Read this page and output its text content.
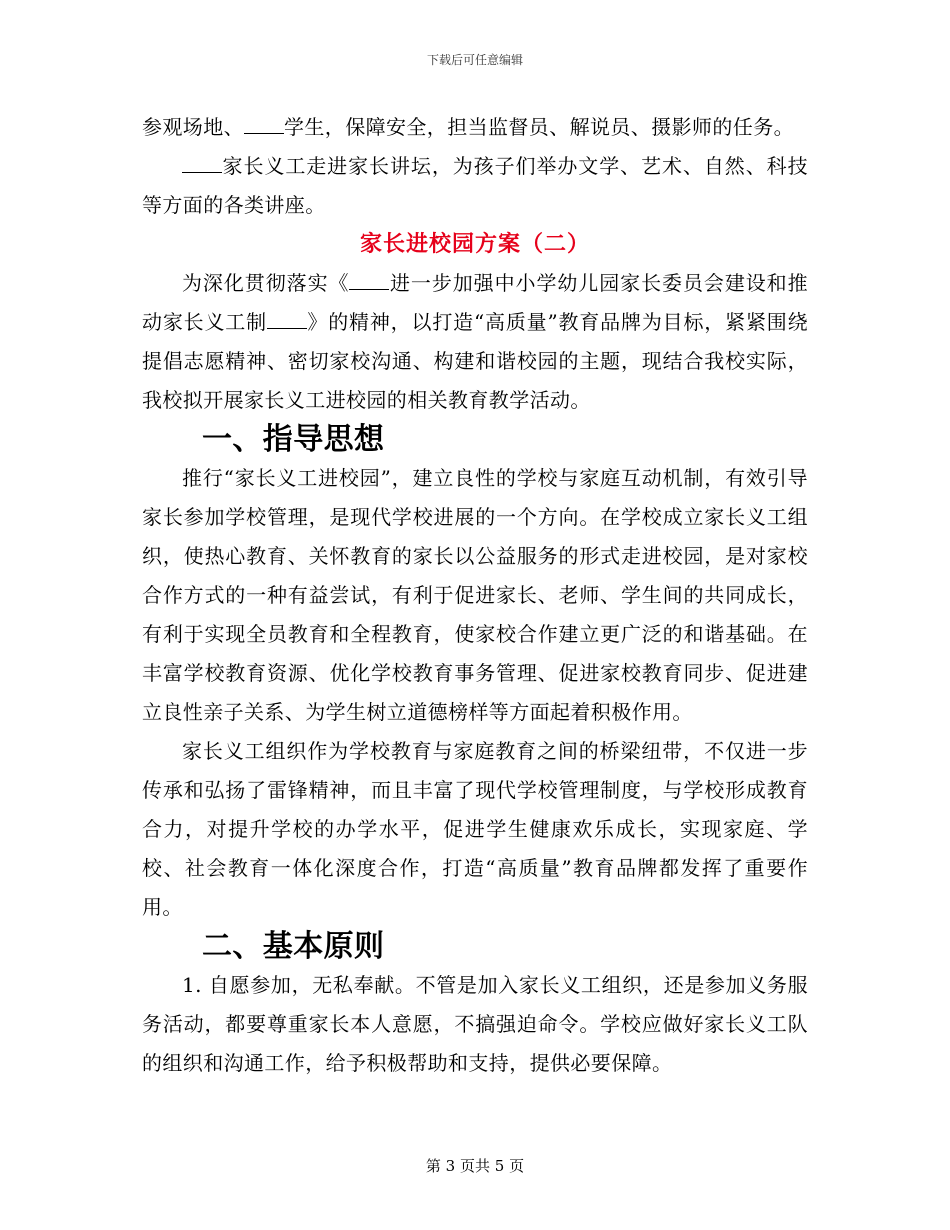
下载后可任意编辑

参观场地、 学生，保障安全，担当监督员、解说员、摄影师的任务。

家长义工走进家长讲坛，为孩子们举办文学、艺术、自然、科技等方面的各类讲座。

家长进校园方案（二）

为深化贯彻落实《 进一步加强中小学幼儿园家长委员会建设和推动家长义工制 》的精神，以打造“高质量”教育品牌为目标，紧紧围绕提倡志愿精神、密切家校沟通、构建和谐校园的主题，现结合我校实际，我校拟开展家长义工进校园的相关教育教学活动。

一、指导思想

推行“家长义工进校园”，建立良性的学校与家庭互动机制，有效引导家长参加学校管理，是现代学校进展的一个方向。在学校成立家长义工组织，使热心教育、关怀教育的家长以公益服务的形式走进校园，是对家校合作方式的一种有益尝试，有利于促进家长、老师、学生间的共同成长，有利于实现全员教育和全程教育，使家校合作建立更广泛的和谐基础。在丰富学校教育资源、优化学校教育事务管理、促进家校教育同步、促进建立良性亲子关系、为学生树立道德榜样等方面起着积极作用。

家长义工组织作为学校教育与家庭教育之间的桥梁纽带，不仅进一步传承和弘扬了雷锋精神，而且丰富了现代学校管理制度，与学校形成教育合力，对提升学校的办学水平，促进学生健康欢乐成长，实现家庭、学校、社会教育一体化深度合作，打造“高质量”教育品牌都发挥了重要作用。

二、基本原则

1. 自愿参加，无私奉献。不管是加入家长义工组织，还是参加义务服务活动，都要尊重家长本人意愿，不搞强迫命令。学校应做好家长义工队的组织和沟通工作，给予积极帮助和支持，提供必要保障。

第 3 页共 5 页
